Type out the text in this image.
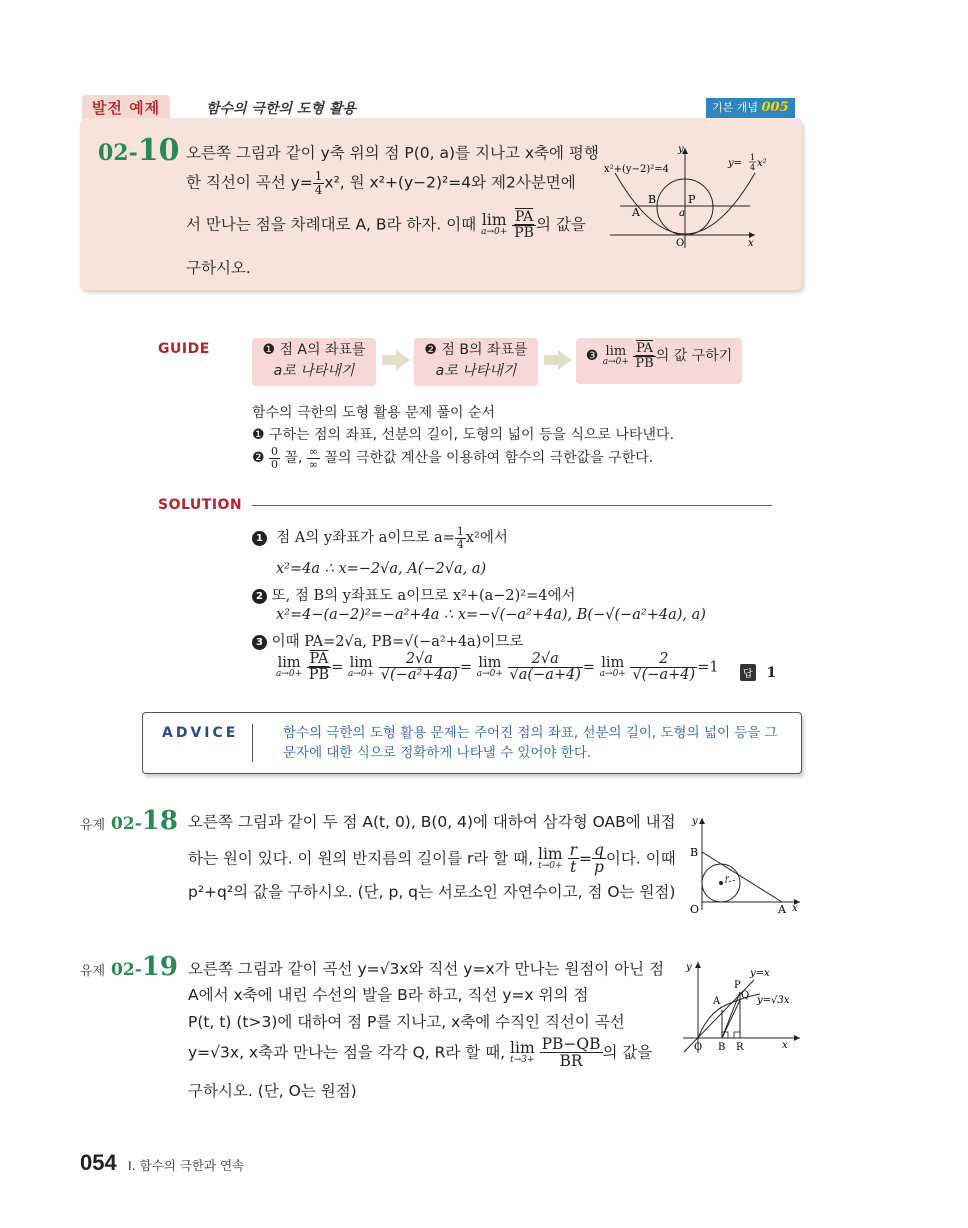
발전 예제	함수의 극한의 도형 활용	기본 개념 005
02-10 오른쪽 그림과 같이 y축 위의 점 P(0, a)를 지나고 x축에 평행
한 직선이 곡선 $y= \frac{1}{4} x^2$, 원 x²+(y−2)²=4와 제2사분면에
서 만나는 점을 차례대로 A, B라 하자. 이때 lim
a→0+
$\frac{\overline{PA}}{PB}$ 의 값을
구하시오.
x²+(y−2)²=4
y=
1
4 x²
y
x
O
A
B	P
a
GUIDE	❶ 점 A의 좌표를
a로 나타내기
❷ 점 B의 좌표를
a로 나타내기
❸ lim
a→0+
$\frac{\overline{PA}}{PB}$ 의 값 구하기
함수의 극한의 도형 활용 문제 풀이 순서
❶ 구하는 점의 좌표, 선분의 길이, 도형의 넓이 등을 식으로 나타낸다.
❷ $\frac{0}{0}$ 꼴, $\frac{\infty}{\infty}$ 꼴의 극한값 계산을 이용하여 함수의 극한값을 구한다.
SOLUTION
1 점 A의 y좌표가 a이므로 $a= \frac{1}{4} x^2$에서
x²=4a ∴ x=−2√a, A(−2√a, a)
2 또, 점 B의 y좌표도 a이므로 x²+(a−2)²=4에서
x²=4−(a−2)²=−a²+4a ∴ x=−√(−a²+4a), B(−√(−a²+4a), a)
3 이때 PA=2√a, PB=√(−a²+4a)이므로
lim
a→0+
$\frac{\overline{PA}}{PB} = \lim$
a→0+
$\frac{2√a}{\text{√(−a²+4a)}} = \lim$
a→0+
$\frac{2√a}{√a(-a+4)} = \lim$
a→0+
$\frac{2}{√(-a+4)} =1$	답 1
ADVICE	함수의 극한의 도형 활용 문제는 주어진 점의 좌표, 선분의 길이, 도형의 넓이 등을 그 문자에 대한 식으로 정확하게 나타낼 수 있어야 한다.
유제 02-18 오른쪽 그림과 같이 두 점 A(t, 0), B(0, 4)에 대하여 삼각형 OAB에 내접
하는 원이 있다. 이 원의 반지름의 길이를 r라 할 때, lim
t→0+
$\frac{r}{t} = \frac{q}{p}$ 이다. 이때
p²+q²의 값을 구하시오. (단, p, q는 서로소인 자연수이고, 점 O는 원점)
y
B
O	A x
r
유제 02-19 오른쪽 그림과 같이 곡선 y=√3x와 직선 y=x가 만나는 원점이 아닌 점
A에서 x축에 내린 수선의 발을 B라 하고, 직선 y=x 위의 점
P(t, t) (t>3)에 대하여 점 P를 지나고, x축에 수직인 직선이 곡선
y=√3x, x축과 만나는 점을 각각 Q, R라 할 때, lim
t→3+
$\frac{PB-QB}{BR}$ 의 값을
구하시오. (단, O는 원점)
y
O B R	x
A
P
Q
y=x
y=√3x
054 I. 함수의 극한과 연속
